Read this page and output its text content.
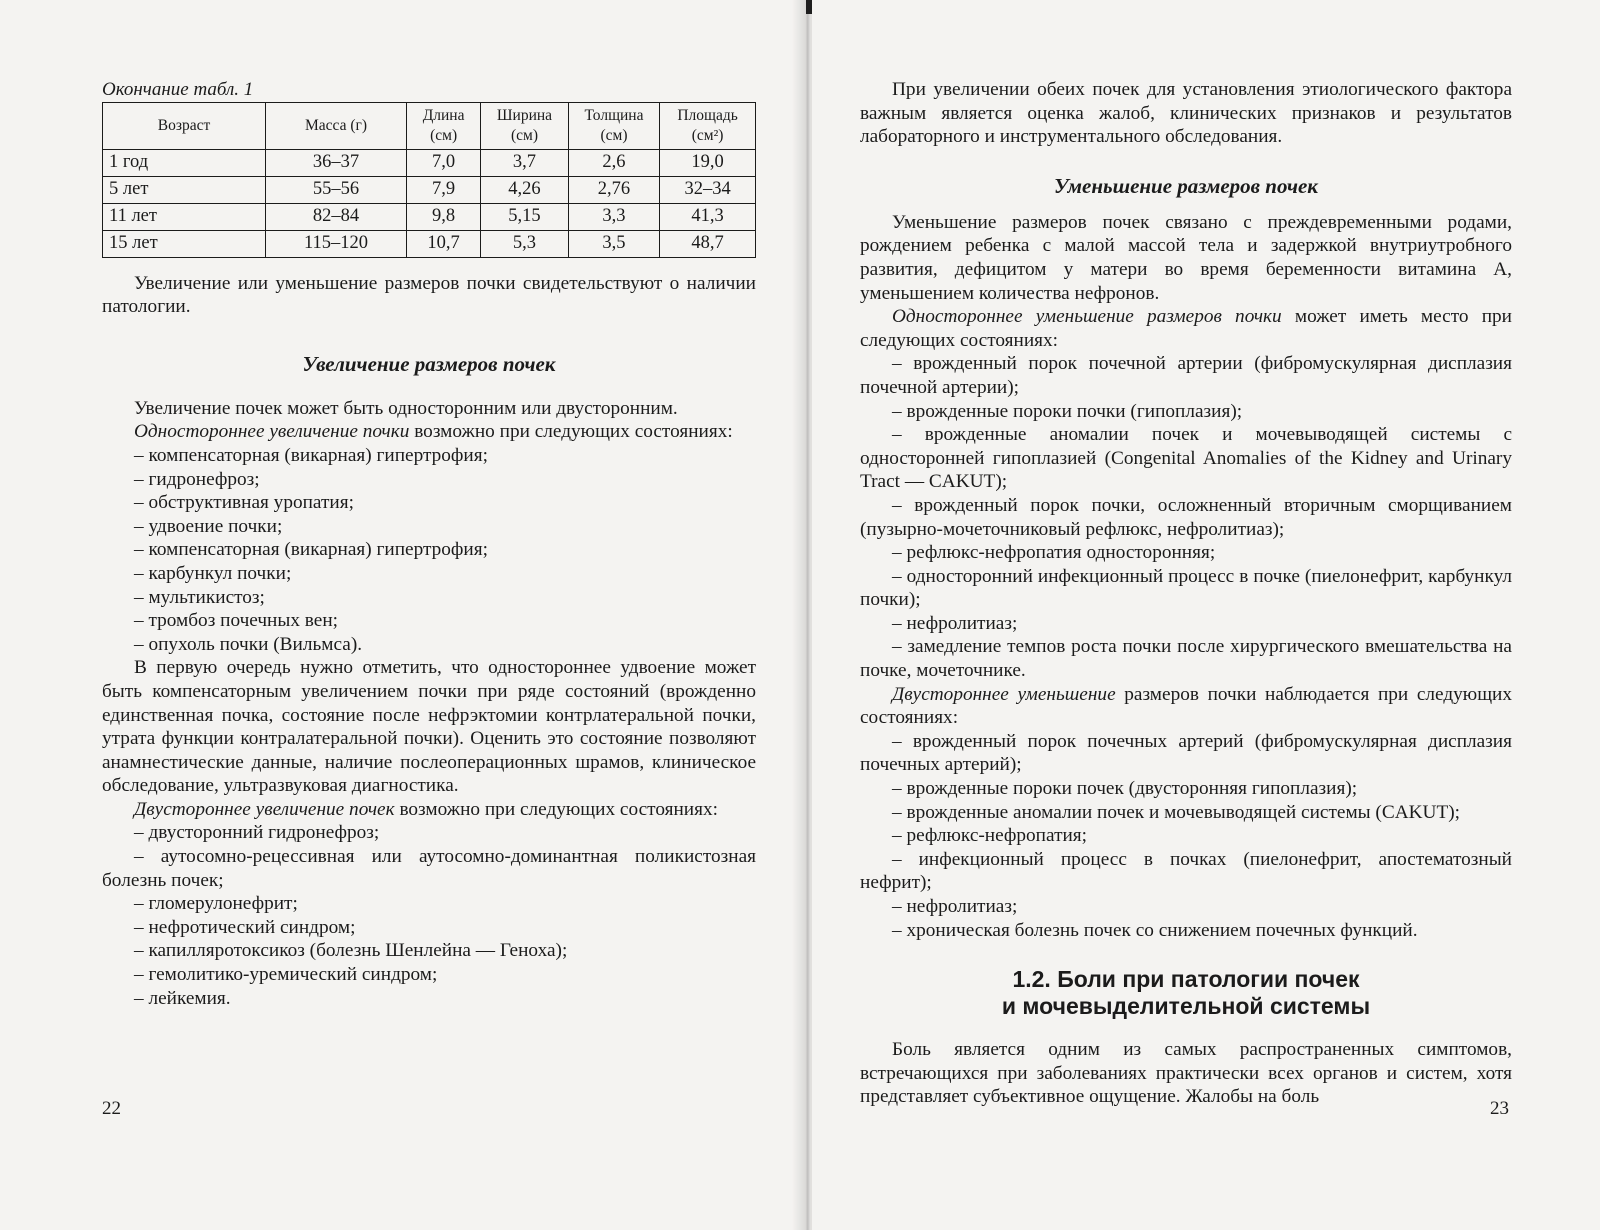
Окончание табл. 1

Возраст	Масса (г)	Длина (см)	Ширина (см)	Толщина (см)	Площадь (см²)
1 год	36–37	7,0	3,7	2,6	19,0
5 лет	55–56	7,9	4,26	2,76	32–34
11 лет	82–84	9,8	5,15	3,3	41,3
15 лет	115–120	10,7	5,3	3,5	48,7

Увеличение или уменьшение размеров почки свидетельствуют о наличии патологии.

Увеличение размеров почек

Увеличение почек может быть односторонним или двусторонним.

Одностороннее увеличение почки возможно при следующих состояниях:

– компенсаторная (викарная) гипертрофия;

– гидронефроз;

– обструктивная уропатия;

– удвоение почки;

– компенсаторная (викарная) гипертрофия;

– карбункул почки;

– мультикистоз;

– тромбоз почечных вен;

– опухоль почки (Вильмса).

В первую очередь нужно отметить, что одностороннее удвоение может быть компенсаторным увеличением почки при ряде состояний (врожденно единственная почка, состояние после нефрэктомии контрлатеральной почки, утрата функции контралатеральной почки). Оценить это состояние позволяют анамнестические данные, наличие послеоперационных шрамов, клиническое обследование, ультразвуковая диагностика.

Двустороннее увеличение почек возможно при следующих состояниях:

– двусторонний гидронефроз;

– аутосомно-рецессивная или аутосомно-доминантная поликистозная болезнь почек;

– гломерулонефрит;

– нефротический синдром;

– капилляротоксикоз (болезнь Шенлейна — Геноха);

– гемолитико-уремический синдром;

– лейкемия.

22

При увеличении обеих почек для установления этиологического фактора важным является оценка жалоб, клинических признаков и результатов лабораторного и инструментального обследования.

Уменьшение размеров почек

Уменьшение размеров почек связано с преждевременными родами, рождением ребенка с малой массой тела и задержкой внутриутробного развития, дефицитом у матери во время беременности витамина А, уменьшением количества нефронов.

Одностороннее уменьшение размеров почки может иметь место при следующих состояниях:

– врожденный порок почечной артерии (фибромускулярная дисплазия почечной артерии);

– врожденные пороки почки (гипоплазия);

– врожденные аномалии почек и мочевыводящей системы с односторонней гипоплазией (Congenital Anomalies of the Kidney and Urinary Tract — CAKUT);

– врожденный порок почки, осложненный вторичным сморщиванием (пузырно-мочеточниковый рефлюкс, нефролитиаз);

– рефлюкс-нефропатия односторонняя;

– односторонний инфекционный процесс в почке (пиелонефрит, карбункул почки);

– нефролитиаз;

– замедление темпов роста почки после хирургического вмешательства на почке, мочеточнике.

Двустороннее уменьшение размеров почки наблюдается при следующих состояниях:

– врожденный порок почечных артерий (фибромускулярная дисплазия почечных артерий);

– врожденные пороки почек (двусторонняя гипоплазия);

– врожденные аномалии почек и мочевыводящей системы (CAKUT);

– рефлюкс-нефропатия;

– инфекционный процесс в почках (пиелонефрит, апостематозный нефрит);

– нефролитиаз;

– хроническая болезнь почек со снижением почечных функций.

1.2. Боли при патологии почек
и мочевыделительной системы

Боль является одним из самых распространенных симптомов, встречающихся при заболеваниях практически всех органов и систем, хотя представляет субъективное ощущение. Жалобы на боль

23
